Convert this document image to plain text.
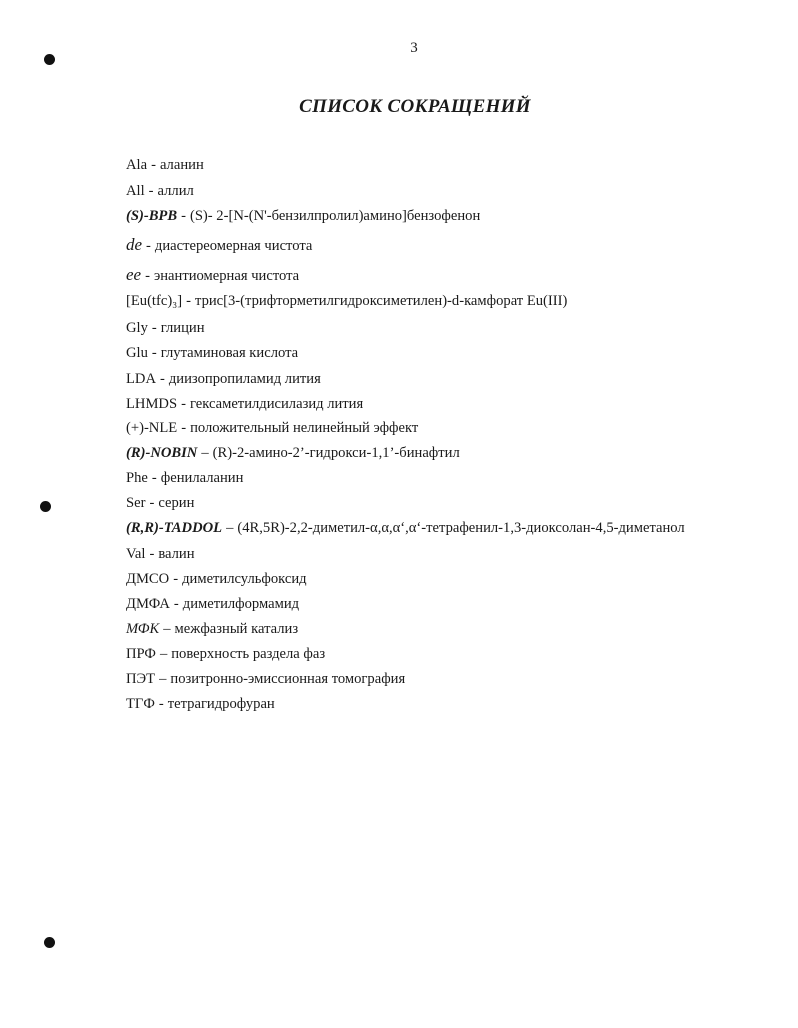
3
СПИСОК СОКРАЩЕНИЙ
Ala - аланин
All - аллил
(S)-BPB - (S)- 2-[N-(N'-бензилпролил)амино]бензофенон
de - диастереомерная чистота
ee - энантиомерная чистота
[Eu(tfc)₃] - трис[3-(трифторметилгидроксиметилен)-d-камфорат Eu(III)
Gly - глицин
Glu - глутаминовая кислота
LDA - диизопропиламид лития
LHMDS - гексаметилдисилазид лития
(+)-NLE - положительный нелинейный эффект
(R)-NOBIN – (R)-2-амино-2’-гидрокси-1,1’-бинафтил
Phe - фенилаланин
Ser - серин
(R,R)-TADDOL – (4R,5R)-2,2-диметил-α,α,α‘,α‘-тетрафенил-1,3-диоксолан-4,5-диметанол
Val - валин
ДМСО - диметилсульфоксид
ДМФА - диметилформамид
МФК – межфазный катализ
ПРФ – поверхность раздела фаз
ПЭТ – позитронно-эмиссионная томография
ТГФ - тетрагидрофуран
